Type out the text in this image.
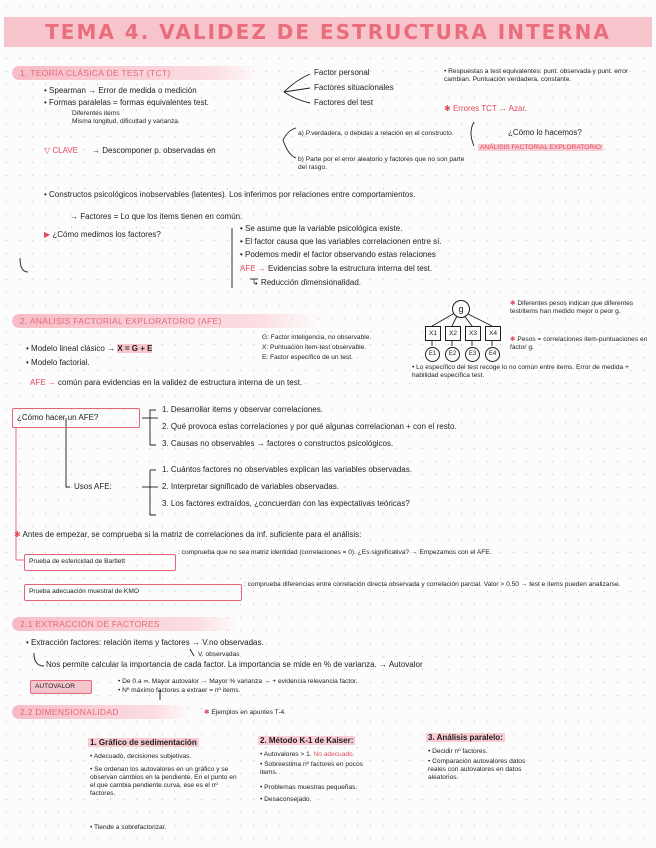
TEMA 4. VALIDEZ DE ESTRUCTURA INTERNA
1. TEORÍA CLÁSICA DE TEST (TCT)
• Spearman → Error de medida o medición
• Formas paralelas = formas equivalentes test.
Diferentes items
Misma longitud, dificultad y varianza.
Factor personal
Factores situacionales
Factores del test
• Respuestas a test equivalentes: punt. observada y punt. error cambian. Puntuación verdadera, constante.
✱ Errores TCT → Azar.
▽ CLAVE → Descomponer p. observadas en
a) P.verdadera, o debidas a relación en el constructo.
b) Parte por el error aleatorio y factores que no son parte del rasgo.
¿Cómo lo hacemos?
ANÁLISIS FACTORIAL EXPLORATORIO
• Constructos psicológicos inobservables (latentes). Los inferimos por relaciones entre comportamientos.
→ Factores = Lo que los items tienen en común.
▶ ¿Cómo medimos los factores?
• Se asume que la variable psicológica existe.
• El factor causa que las variables correlacionen entre sí.
• Podemos medir el factor observando estas relaciones
AFE → Evidencias sobre la estructura interna del test.
↳ Reducción dimensionalidad.
2. ANÁLISIS FACTORIAL EXPLORATORIO (AFE)
• Modelo lineal clásico → X = G + E
• Modelo factorial.
G: Factor inteligencia, no observable.
X: Puntuación item-test observable.
E: Factor específico de un test.
g
X1	X2	X3	X4
E1	E2	E3	E4
✱ Diferentes pesos indican que diferentes test/items han medido mejor o peor g.
✱ Pesos = correlaciones item-puntuaciones en factor g.
• Lo específico del test recoge lo no común entre items. Error de medida + habilidad específica test.
AFE → común para evidencias en la validez de estructura interna de un test.
¿Cómo hacer un AFE?
1. Desarrollar items y observar correlaciones.
2. Qué provoca estas correlaciones y por qué algunas correlacionan + con el resto.
3. Causas no observables → factores o constructos psicológicos.
Usos AFE:
1. Cuántos factores no observables explican las variables observadas.
2. Interpretar significado de variables observadas.
3. Los factores extraídos, ¿concuerdan con las expectativas teóricas?
✱ Antes de empezar, se comprueba si la matriz de correlaciones da inf. suficiente para el análisis:
Prueba de esfericidad de Bartlett
: comprueba que no sea matriz identidad (correlaciones = 0). ¿Es significativa? → Empezamos con el AFE.
Prueba adecuación muestral de KMO
: comprueba diferencias entre correlación directa observada y correlación parcial. Valor > 0.50 → test e items pueden analizarse.
2.1 EXTRACCIÓN DE FACTORES
• Extracción factores: relación items y factores → V.no observadas.
V. observadas
Nos permite calcular la importancia de cada factor. La importancia se mide en % de varianza. → Autovalor
AUTOVALOR
• De 0 a ∞. Mayor autovalor → Mayor % varianza → + evidencia relevancia factor.
• Nº máximo factores a extraer = nº items.
2.2 DIMENSIONALIDAD	✱ Ejemplos en apuntes T-4.
1. Gráfico de sedimentación
• Adecuado, decisiones subjetivas.
• Se ordenan los autovalores en un gráfico y se observan cambios en la pendiente. En el punto en el que cambia pendiente curva, ese es el nº factores.
• Tiende a sobrefactorizar.
2. Método K-1 de Kaiser:
• Autovalores > 1. No adecuado.
• Sobreestima nº factores en pocos items.
• Problemas muestras pequeñas.
• Desaconsejado.
3. Análisis paralelo:
• Decidir nº factores.
• Comparación autovalores datos reales con autovalores en datos aleatorios.
